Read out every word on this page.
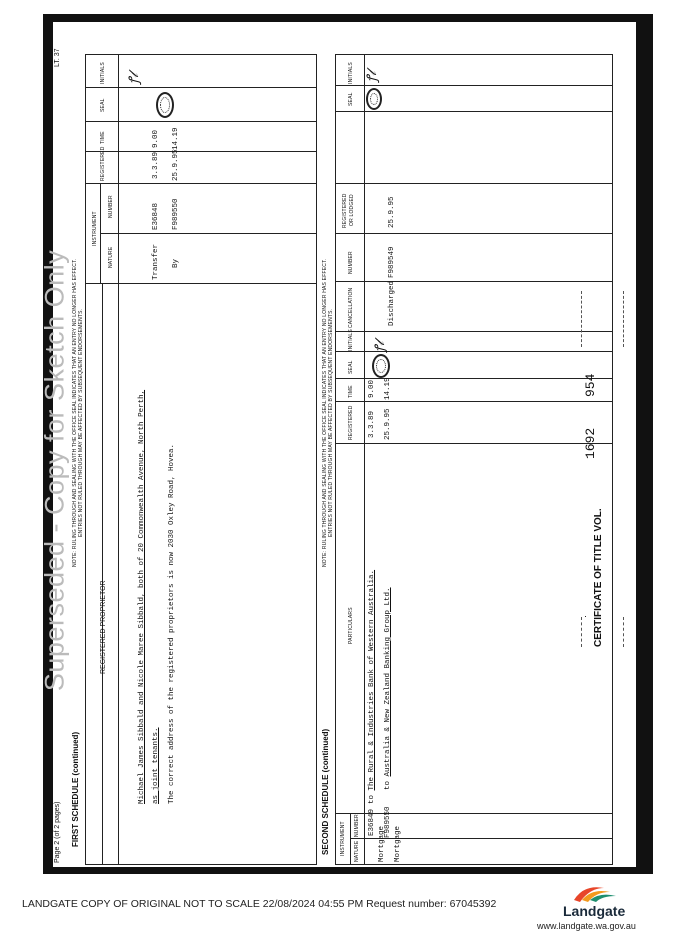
Page 2 (of 2 pages)
LT. 37
FIRST SCHEDULE (continued)
NOTE: RULING THROUGH AND SEALING WITH THE OFFICE SEAL INDICATES THAT AN ENTRY NO LONGER HAS EFFECT. ENTRIES NOT RULED THROUGH MAY BE AFFECTED BY SUBSEQUENT ENDORSEMENTS.
REGISTERED PROPRIETOR
INSTRUMENT
NATURE
NUMBER
REGISTERED
TIME
SEAL
INITIALS
Michael James Sibbald and Nicole Maree Sibbald, both of 20 Commonwealth Avenue, North Perth, as joint tenants. The correct address of the registered proprietors is now 2030 Oxley Road, Hovea.
Transfer By
E36848 F989550
3.3.89 25.9.95
9.00 14.19
ꝭ𝓁
SECOND SCHEDULE (continued)
NOTE: RULING THROUGH AND SEALING WITH THE OFFICE SEAL INDICATES THAT AN ENTRY NO LONGER HAS EFFECT. ENTRIES NOT RULED THROUGH MAY BE AFFECTED BY SUBSEQUENT ENDORSEMENTS.
INSTRUMENT NATURE
NUMBER
PARTICULARS
REGISTERED
TIME
SEAL
INITIALS
CANCELLATION
NUMBER
REGISTERED OR LODGED
SEAL
INITIALS
Mortgage Mortgage
E36849 F989550
to The Rural & Industries Bank of Western Australia. to Australia & New Zealand Banking Group Ltd.
3.3.89 25.9.95
9.00 14.19
ꝭ𝓁
Discharged
F989549
25.9.95
ꝭ𝓁
CERTIFICATE OF TITLE VOL.
1692
954
Superseded - Copy for Sketch Only
LANDGATE COPY OF ORIGINAL NOT TO SCALE 22/08/2024 04:55 PM Request number: 67045392	Landgate
www.landgate.wa.gov.au
